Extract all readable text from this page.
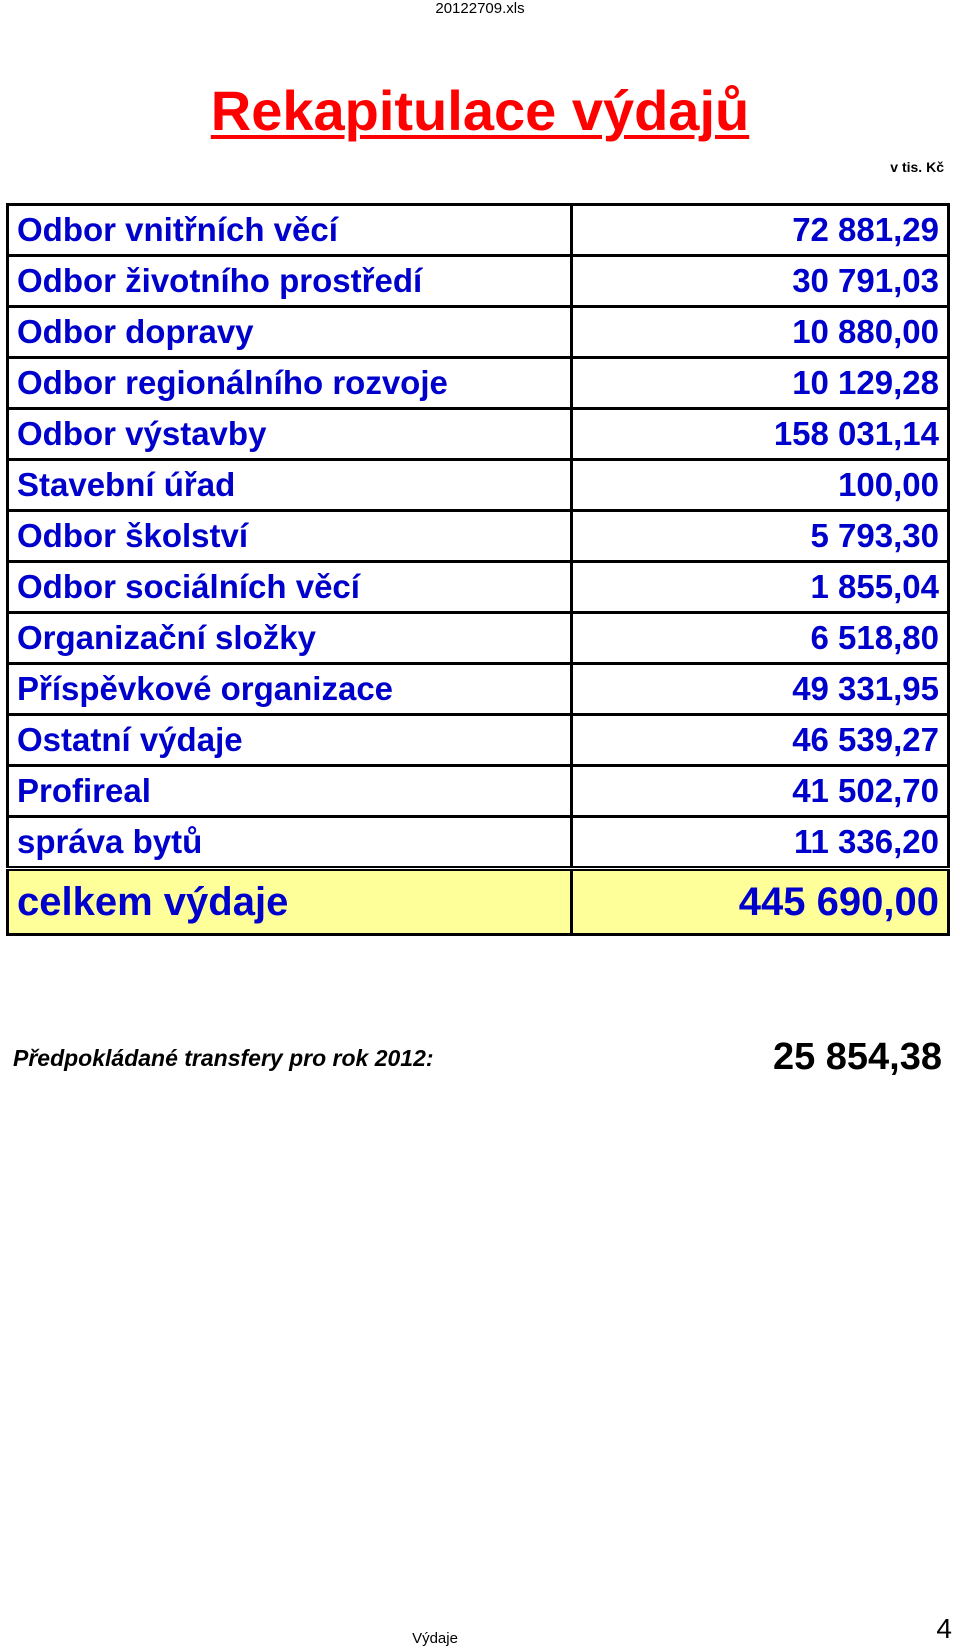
20122709.xls
Rekapitulace výdajů
v tis. Kč
Odbor vnitřních věcí	72 881,29
Odbor životního prostředí	30 791,03
Odbor dopravy	10 880,00
Odbor regionálního rozvoje	10 129,28
Odbor výstavby	158 031,14
Stavební úřad	100,00
Odbor školství	5 793,30
Odbor sociálních věcí	1 855,04
Organizační složky	6 518,80
Příspěvkové organizace	49 331,95
Ostatní výdaje	46 539,27
Profireal	41 502,70
správa bytů	11 336,20
celkem výdaje	445 690,00
Předpokládané transfery pro rok 2012:	25 854,38
Výdaje	4
